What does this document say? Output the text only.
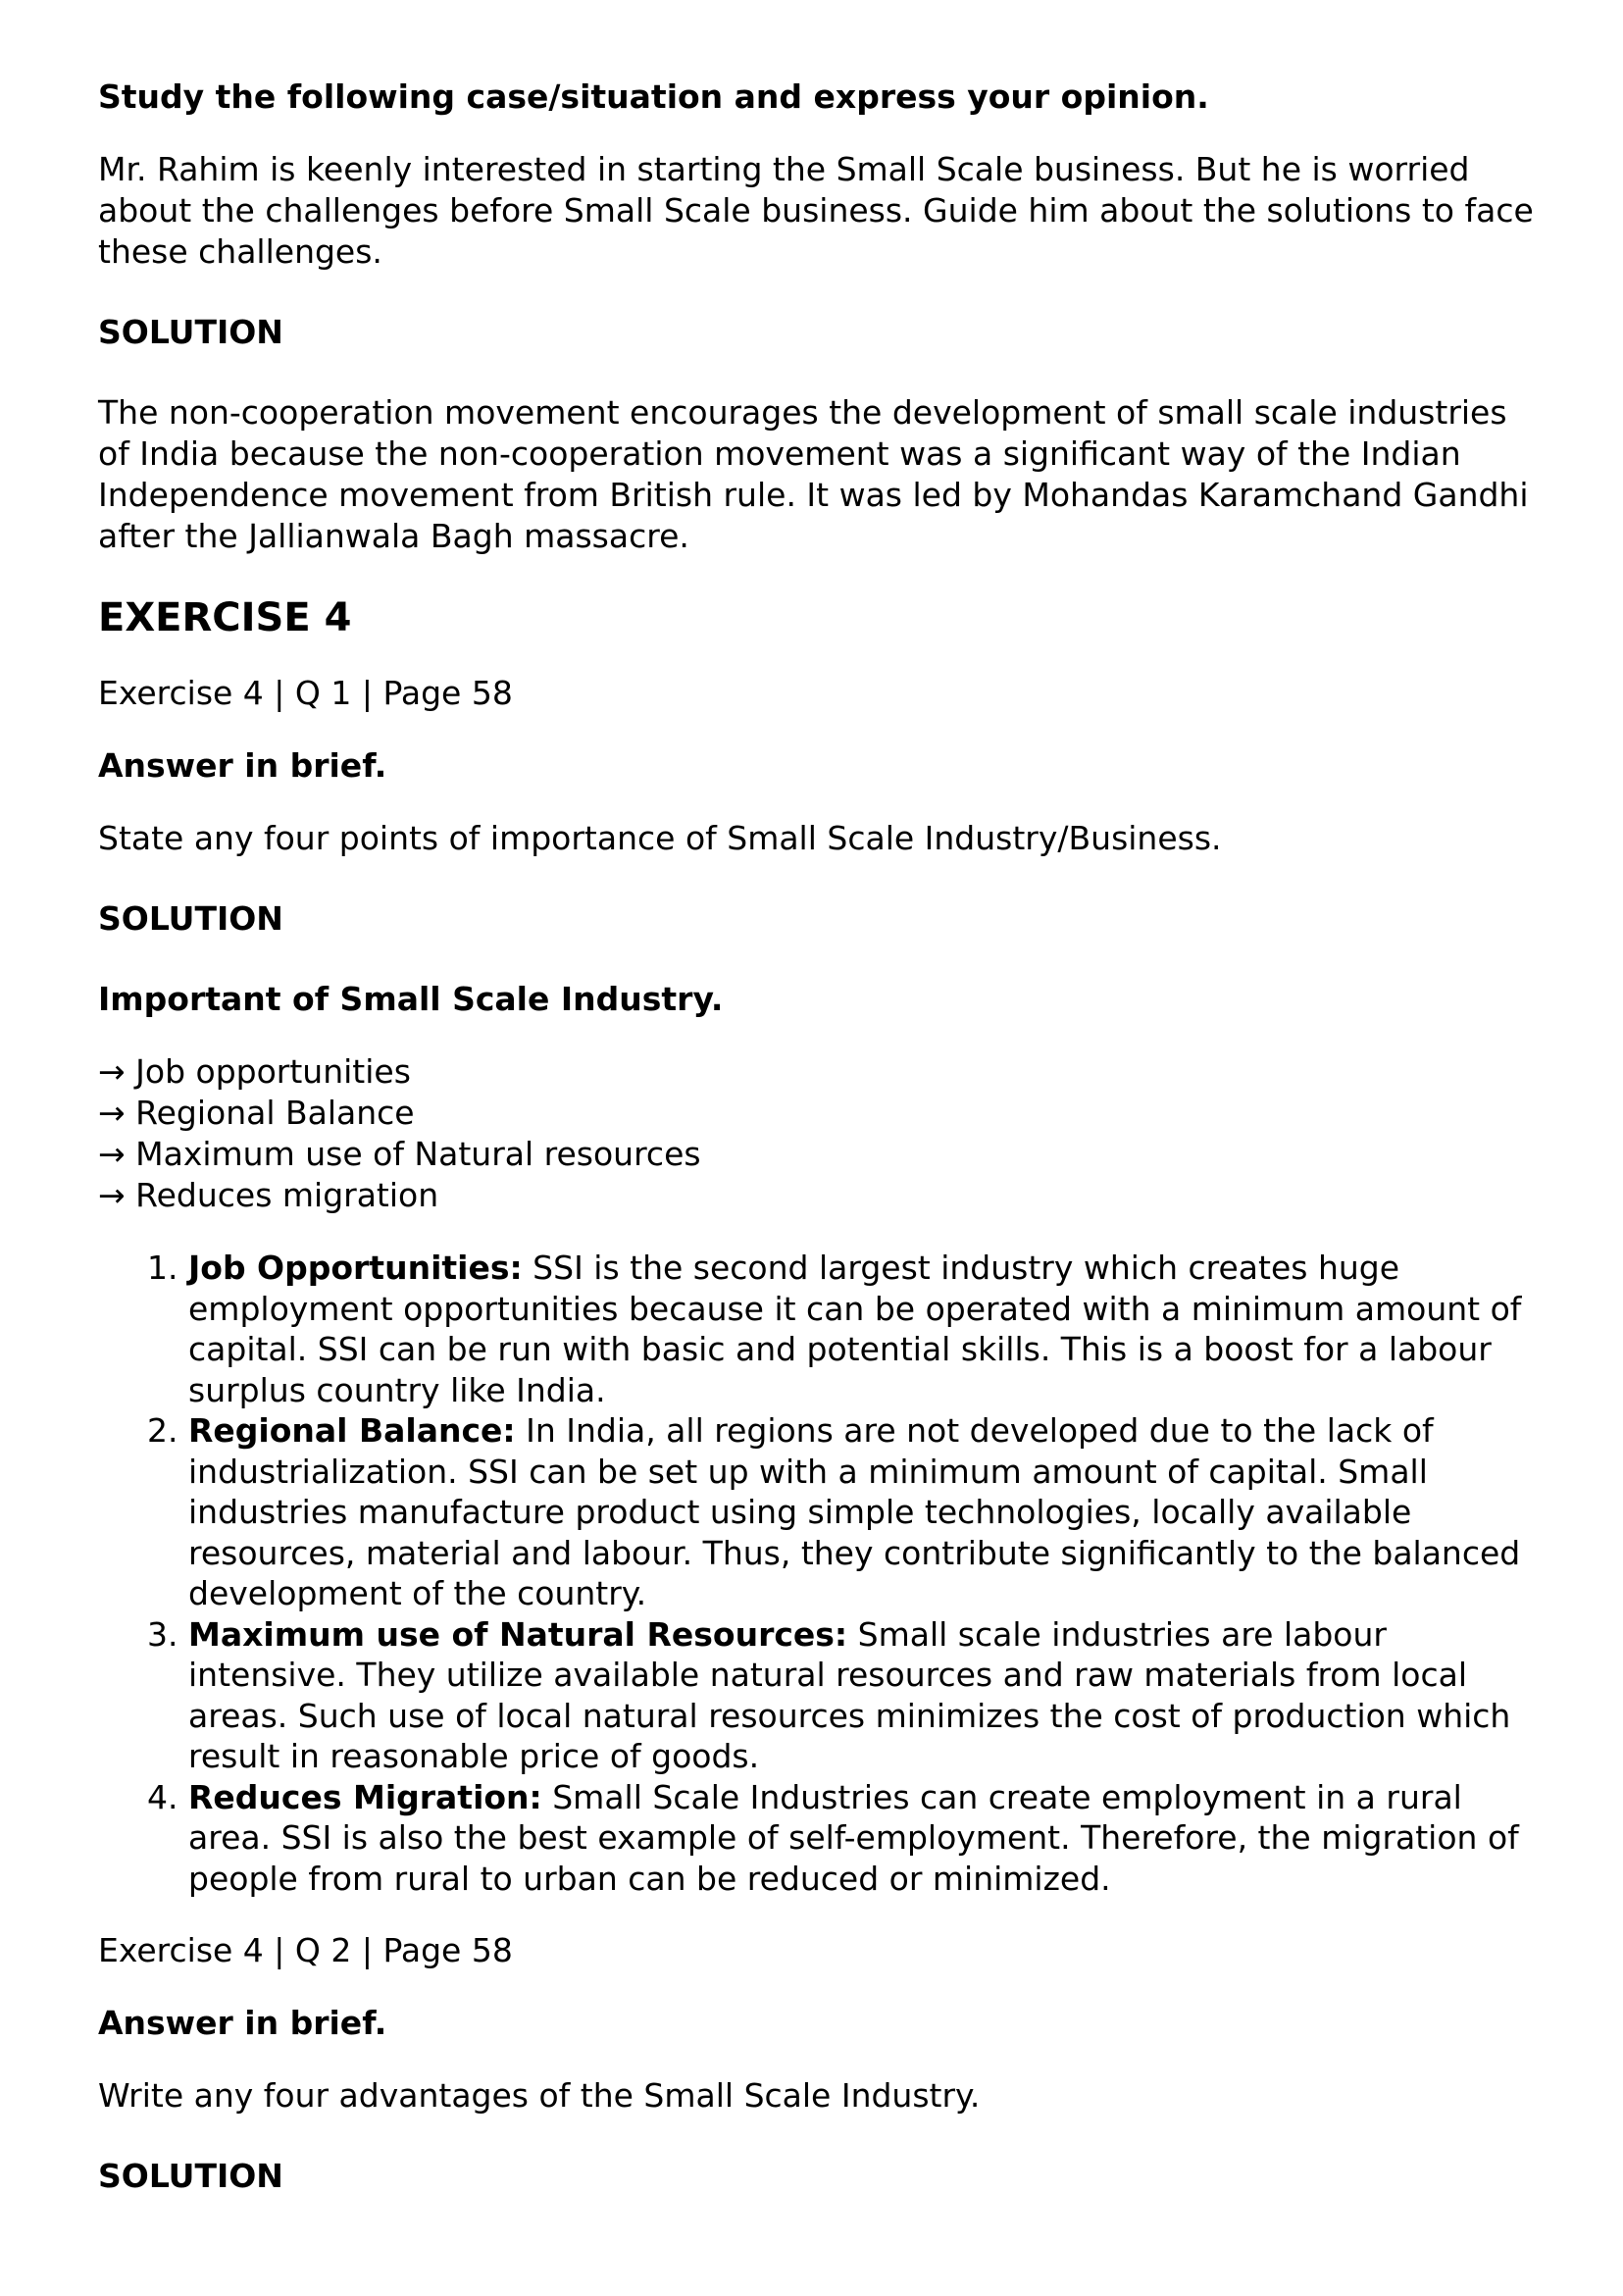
Study the following case/situation and express your opinion.

Mr. Rahim is keenly interested in starting the Small Scale business. But he is worried about the challenges before Small Scale business. Guide him about the solutions to face these challenges.

SOLUTION

The non-cooperation movement encourages the development of small scale industries of India because the non-cooperation movement was a significant way of the Indian Independence movement from British rule. It was led by Mohandas Karamchand Gandhi after the Jallianwala Bagh massacre.

EXERCISE 4

Exercise 4 | Q 1 | Page 58

Answer in brief.

State any four points of importance of Small Scale Industry/Business.

SOLUTION

Important of Small Scale Industry.

→ Job opportunities
→ Regional Balance
→ Maximum use of Natural resources
→ Reduces migration
1. Job Opportunities: SSI is the second largest industry which creates huge employment opportunities because it can be operated with a minimum amount of capital. SSI can be run with basic and potential skills. This is a boost for a labour surplus country like India.
2. Regional Balance: In India, all regions are not developed due to the lack of industrialization. SSI can be set up with a minimum amount of capital. Small industries manufacture product using simple technologies, locally available resources, material and labour. Thus, they contribute significantly to the balanced development of the country.
3. Maximum use of Natural Resources: Small scale industries are labour intensive. They utilize available natural resources and raw materials from local areas. Such use of local natural resources minimizes the cost of production which result in reasonable price of goods.
4. Reduces Migration: Small Scale Industries can create employment in a rural area. SSI is also the best example of self-employment. Therefore, the migration of people from rural to urban can be reduced or minimized.

Exercise 4 | Q 2 | Page 58

Answer in brief.

Write any four advantages of the Small Scale Industry.

SOLUTION
